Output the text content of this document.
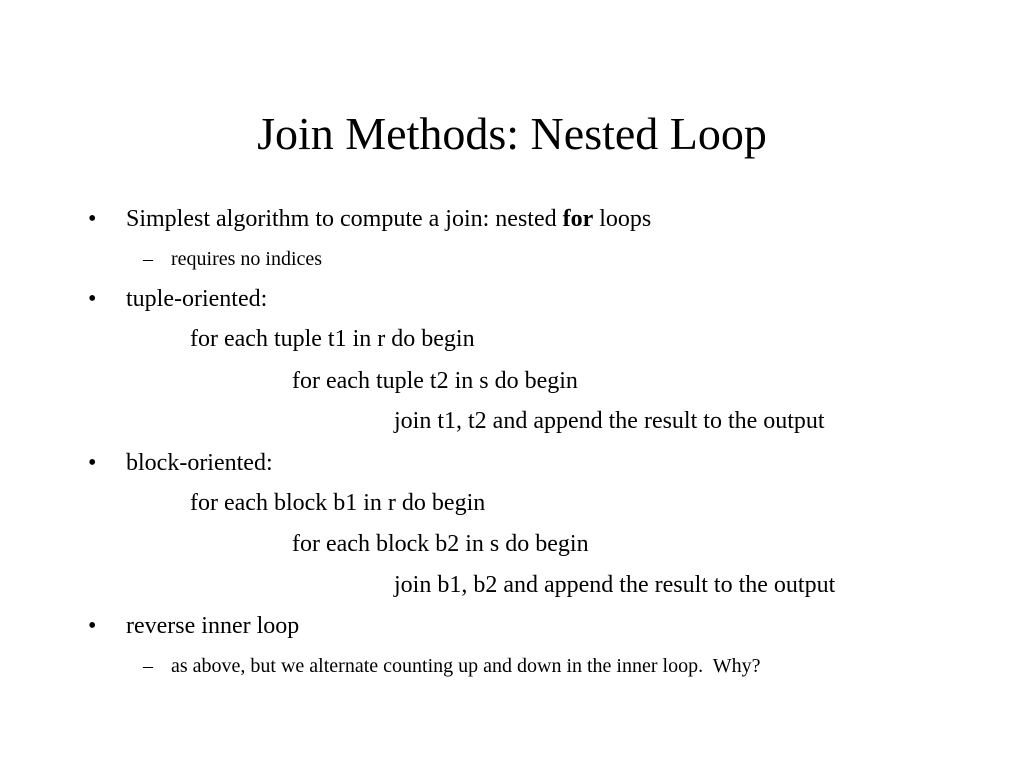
Join Methods: Nested Loop
• Simplest algorithm to compute a join: nested for loops
– requires no indices
• tuple-oriented:
for each tuple t1 in r do begin
for each tuple t2 in s do begin
join t1, t2 and append the result to the output
• block-oriented:
for each block b1 in r do begin
for each block b2 in s do begin
join b1, b2 and append the result to the output
• reverse inner loop
– as above, but we alternate counting up and down in the inner loop.  Why?
